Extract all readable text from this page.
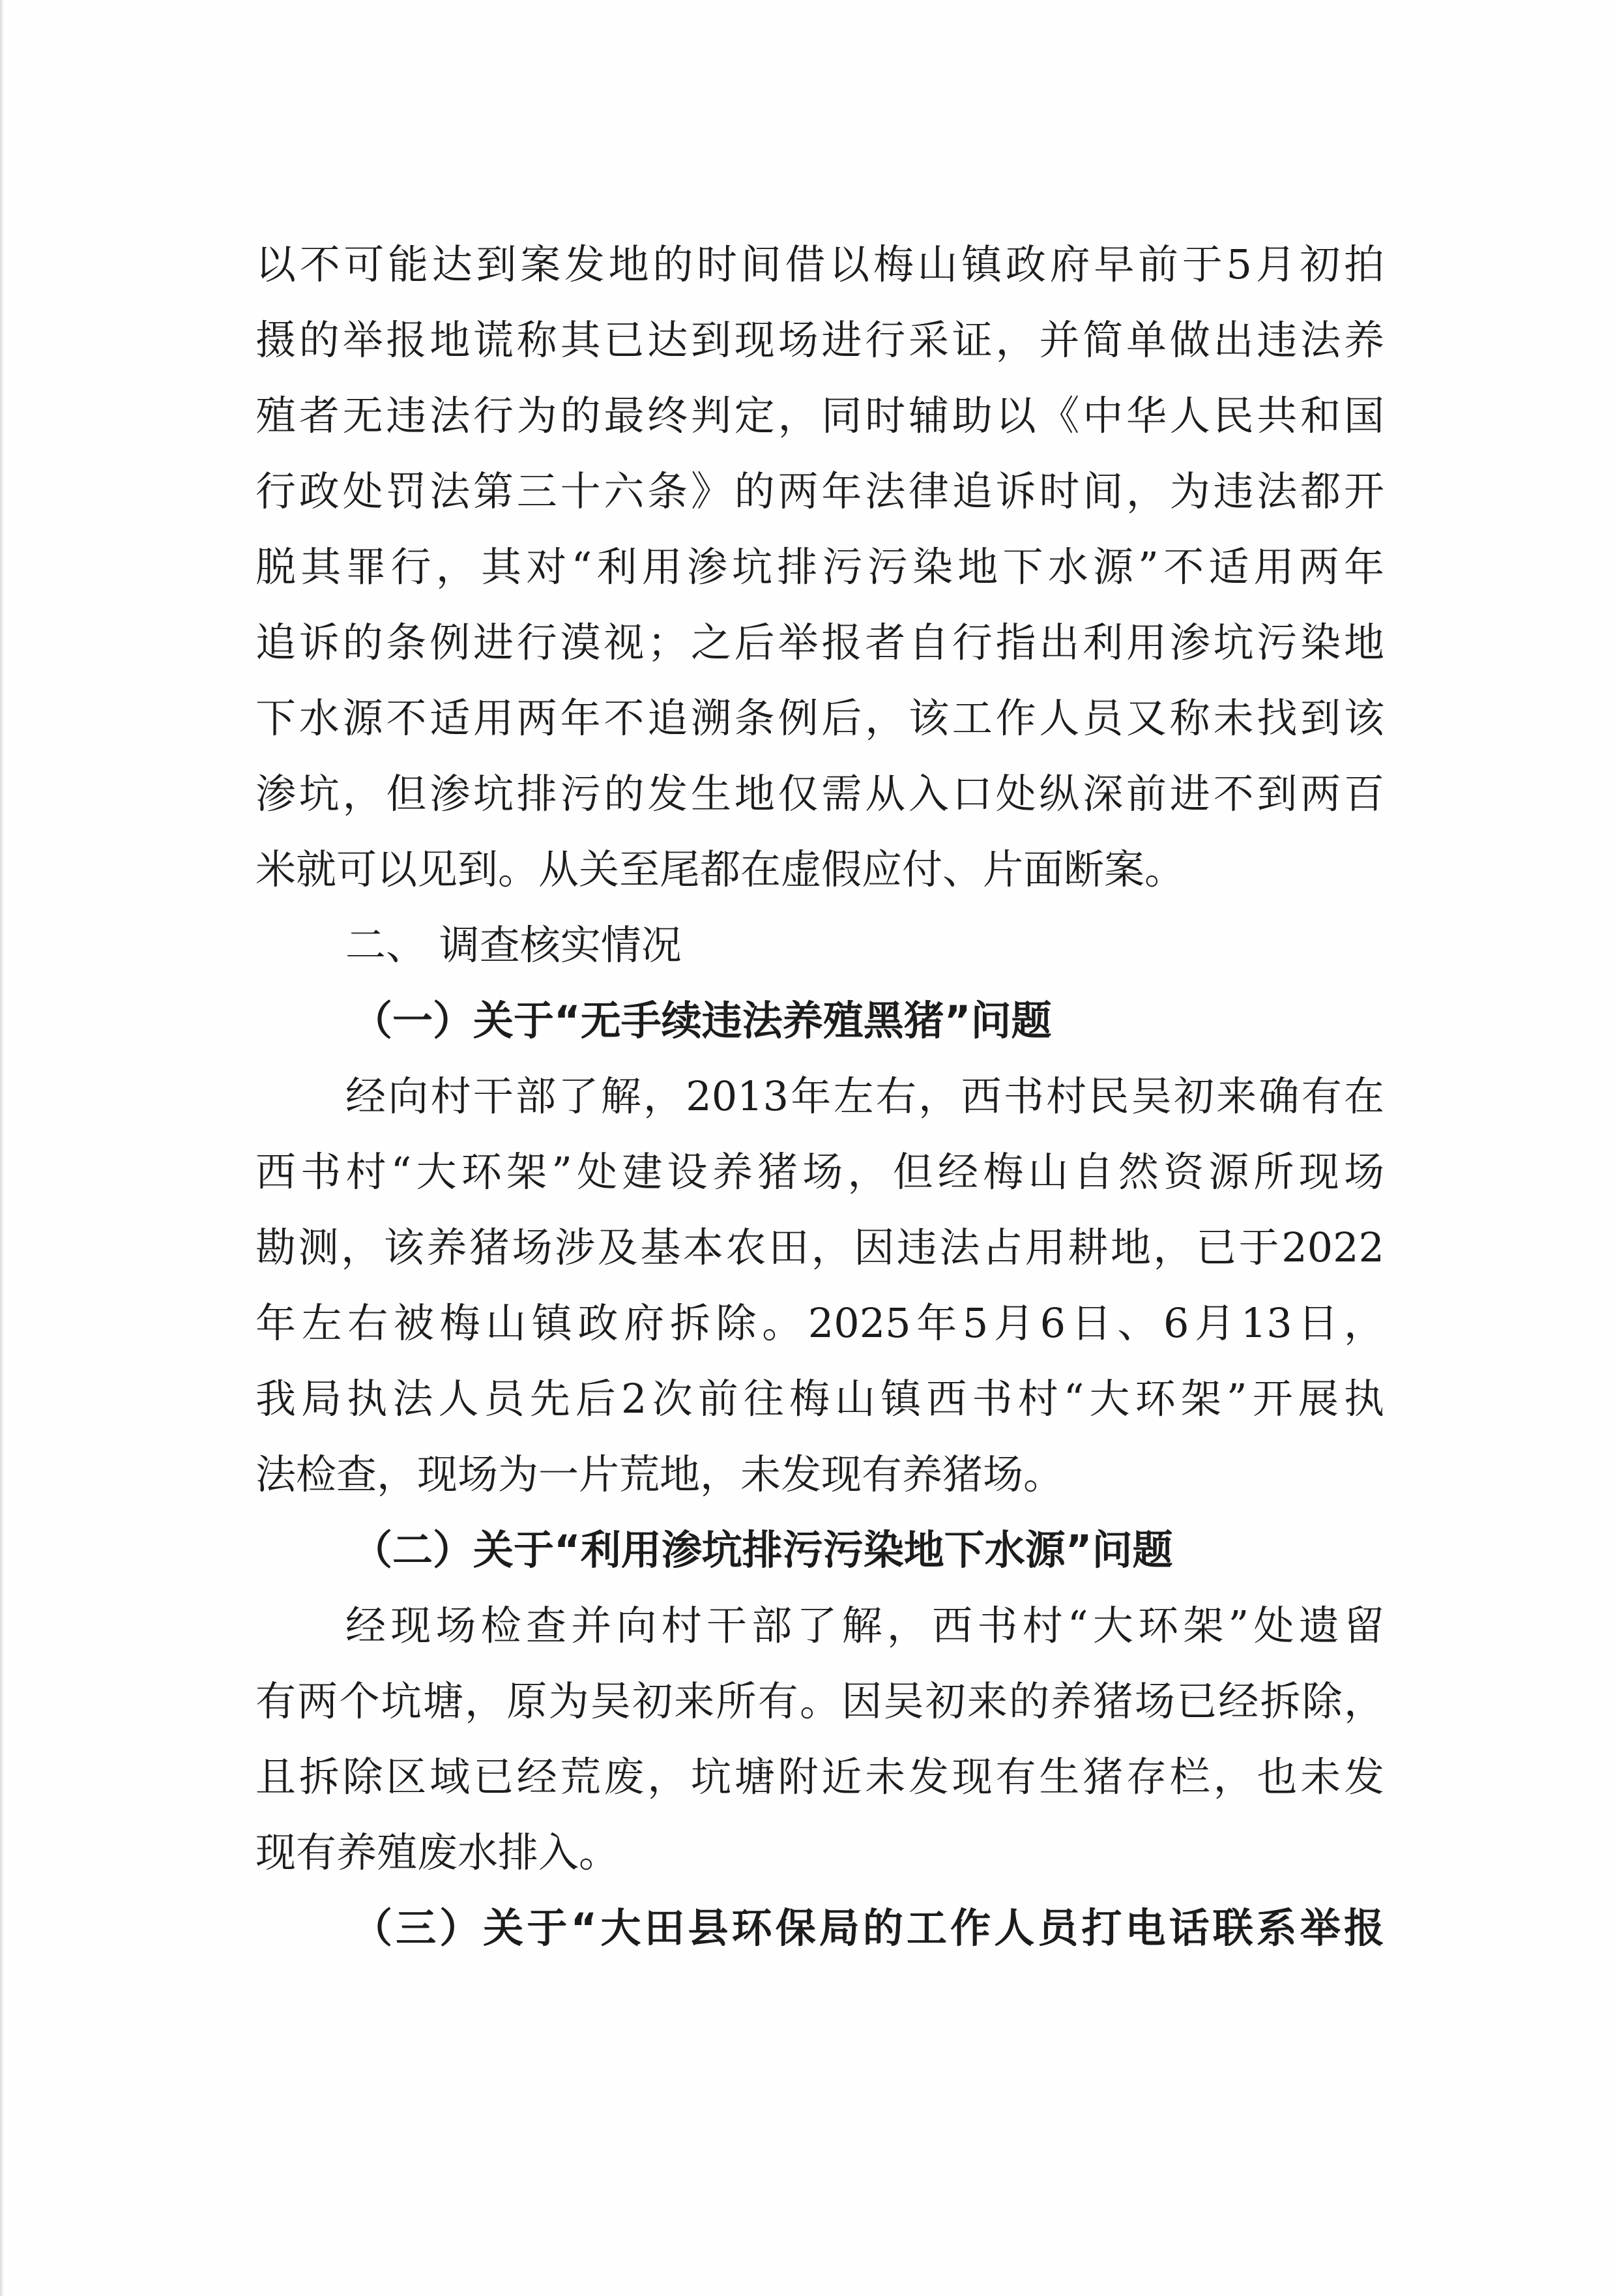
以不可能达到案发地的时间借以梅山镇政府早前于5月初拍
摄的举报地谎称其已达到现场进行采证，并简单做出违法养
殖者无违法行为的最终判定，同时辅助以《中华人民共和国
行政处罚法第三十六条》的两年法律追诉时间，为违法都开
脱其罪行，其对“利用渗坑排污污染地下水源”不适用两年
追诉的条例进行漠视；之后举报者自行指出利用渗坑污染地
下水源不适用两年不追溯条例后，该工作人员又称未找到该
渗坑，但渗坑排污的发生地仅需从入口处纵深前进不到两百
米就可以见到。从关至尾都在虚假应付、片面断案。
二、 调查核实情况
（一）关于“无手续违法养殖黑猪”问题
经向村干部了解，2013年左右，西书村民吴初来确有在
西书村“大环架”处建设养猪场，但经梅山自然资源所现场
勘测，该养猪场涉及基本农田，因违法占用耕地，已于2022
年左右被梅山镇政府拆除。2025年5月6日、6月13日，
我局执法人员先后2次前往梅山镇西书村“大环架”开展执
法检查，现场为一片荒地，未发现有养猪场。
（二）关于“利用渗坑排污污染地下水源”问题
经现场检查并向村干部了解，西书村“大环架”处遗留
有两个坑塘，原为吴初来所有。因吴初来的养猪场已经拆除，
且拆除区域已经荒废，坑塘附近未发现有生猪存栏，也未发
现有养殖废水排入。
（三）关于“大田县环保局的工作人员打电话联系举报
